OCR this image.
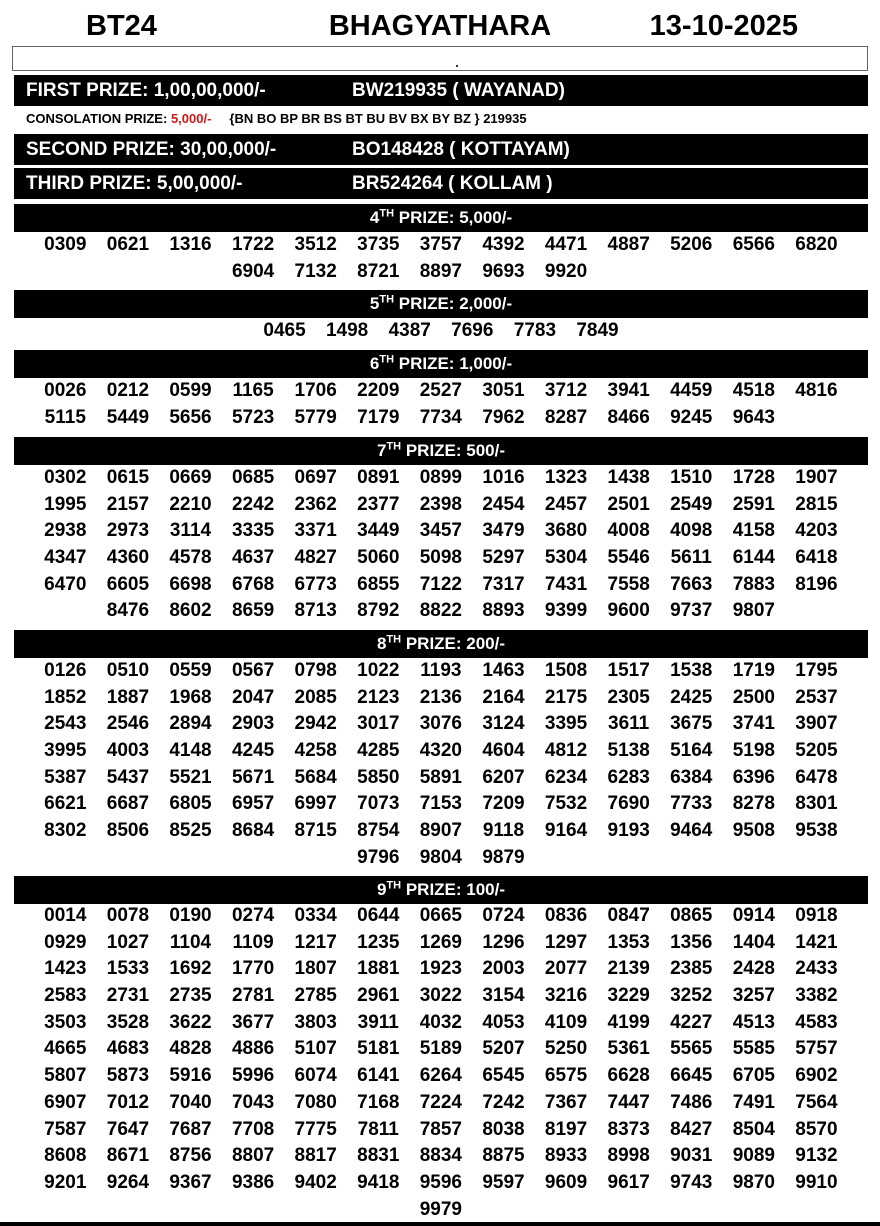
BHAGYATHARA
BT24	13-10-2025
FIRST PRIZE: 1,00,00,000/-	BW219935 ( WAYANAD)
CONSOLATION PRIZE: 5,000/- {BN BO BP BR BS BT BU BV BX BY BZ } 219935
SECOND PRIZE: 30,00,000/-	BO148428 ( KOTTAYAM)
THIRD PRIZE: 5,00,000/-	BR524264 ( KOLLAM )
4TH PRIZE: 5,000/-
0309	0621	1316	1722	3512	3735	3757	4392	4471	4887	5206	6566	6820
6904	7132	8721	8897	9693	9920
5TH PRIZE: 2,000/-
0465	1498	4387	7696	7783	7849
6TH PRIZE: 1,000/-
0026	0212	0599	1165	1706	2209	2527	3051	3712	3941	4459	4518	4816
5115	5449	5656	5723	5779	7179	7734	7962	8287	8466	9245	9643
7TH PRIZE: 500/-
0302	0615	0669	0685	0697	0891	0899	1016	1323	1438	1510	1728	1907
1995	2157	2210	2242	2362	2377	2398	2454	2457	2501	2549	2591	2815
2938	2973	3114	3335	3371	3449	3457	3479	3680	4008	4098	4158	4203
4347	4360	4578	4637	4827	5060	5098	5297	5304	5546	5611	6144	6418
6470	6605	6698	6768	6773	6855	7122	7317	7431	7558	7663	7883	8196
8476	8602	8659	8713	8792	8822	8893	9399	9600	9737	9807
8TH PRIZE: 200/-
0126	0510	0559	0567	0798	1022	1193	1463	1508	1517	1538	1719	1795
1852	1887	1968	2047	2085	2123	2136	2164	2175	2305	2425	2500	2537
2543	2546	2894	2903	2942	3017	3076	3124	3395	3611	3675	3741	3907
3995	4003	4148	4245	4258	4285	4320	4604	4812	5138	5164	5198	5205
5387	5437	5521	5671	5684	5850	5891	6207	6234	6283	6384	6396	6478
6621	6687	6805	6957	6997	7073	7153	7209	7532	7690	7733	8278	8301
8302	8506	8525	8684	8715	8754	8907	9118	9164	9193	9464	9508	9538
9796	9804	9879
9TH PRIZE: 100/-
0014	0078	0190	0274	0334	0644	0665	0724	0836	0847	0865	0914	0918
0929	1027	1104	1109	1217	1235	1269	1296	1297	1353	1356	1404	1421
1423	1533	1692	1770	1807	1881	1923	2003	2077	2139	2385	2428	2433
2583	2731	2735	2781	2785	2961	3022	3154	3216	3229	3252	3257	3382
3503	3528	3622	3677	3803	3911	4032	4053	4109	4199	4227	4513	4583
4665	4683	4828	4886	5107	5181	5189	5207	5250	5361	5565	5585	5757
5807	5873	5916	5996	6074	6141	6264	6545	6575	6628	6645	6705	6902
6907	7012	7040	7043	7080	7168	7224	7242	7367	7447	7486	7491	7564
7587	7647	7687	7708	7775	7811	7857	8038	8197	8373	8427	8504	8570
8608	8671	8756	8807	8817	8831	8834	8875	8933	8998	9031	9089	9132
9201	9264	9367	9386	9402	9418	9596	9597	9609	9617	9743	9870	9910
9979
